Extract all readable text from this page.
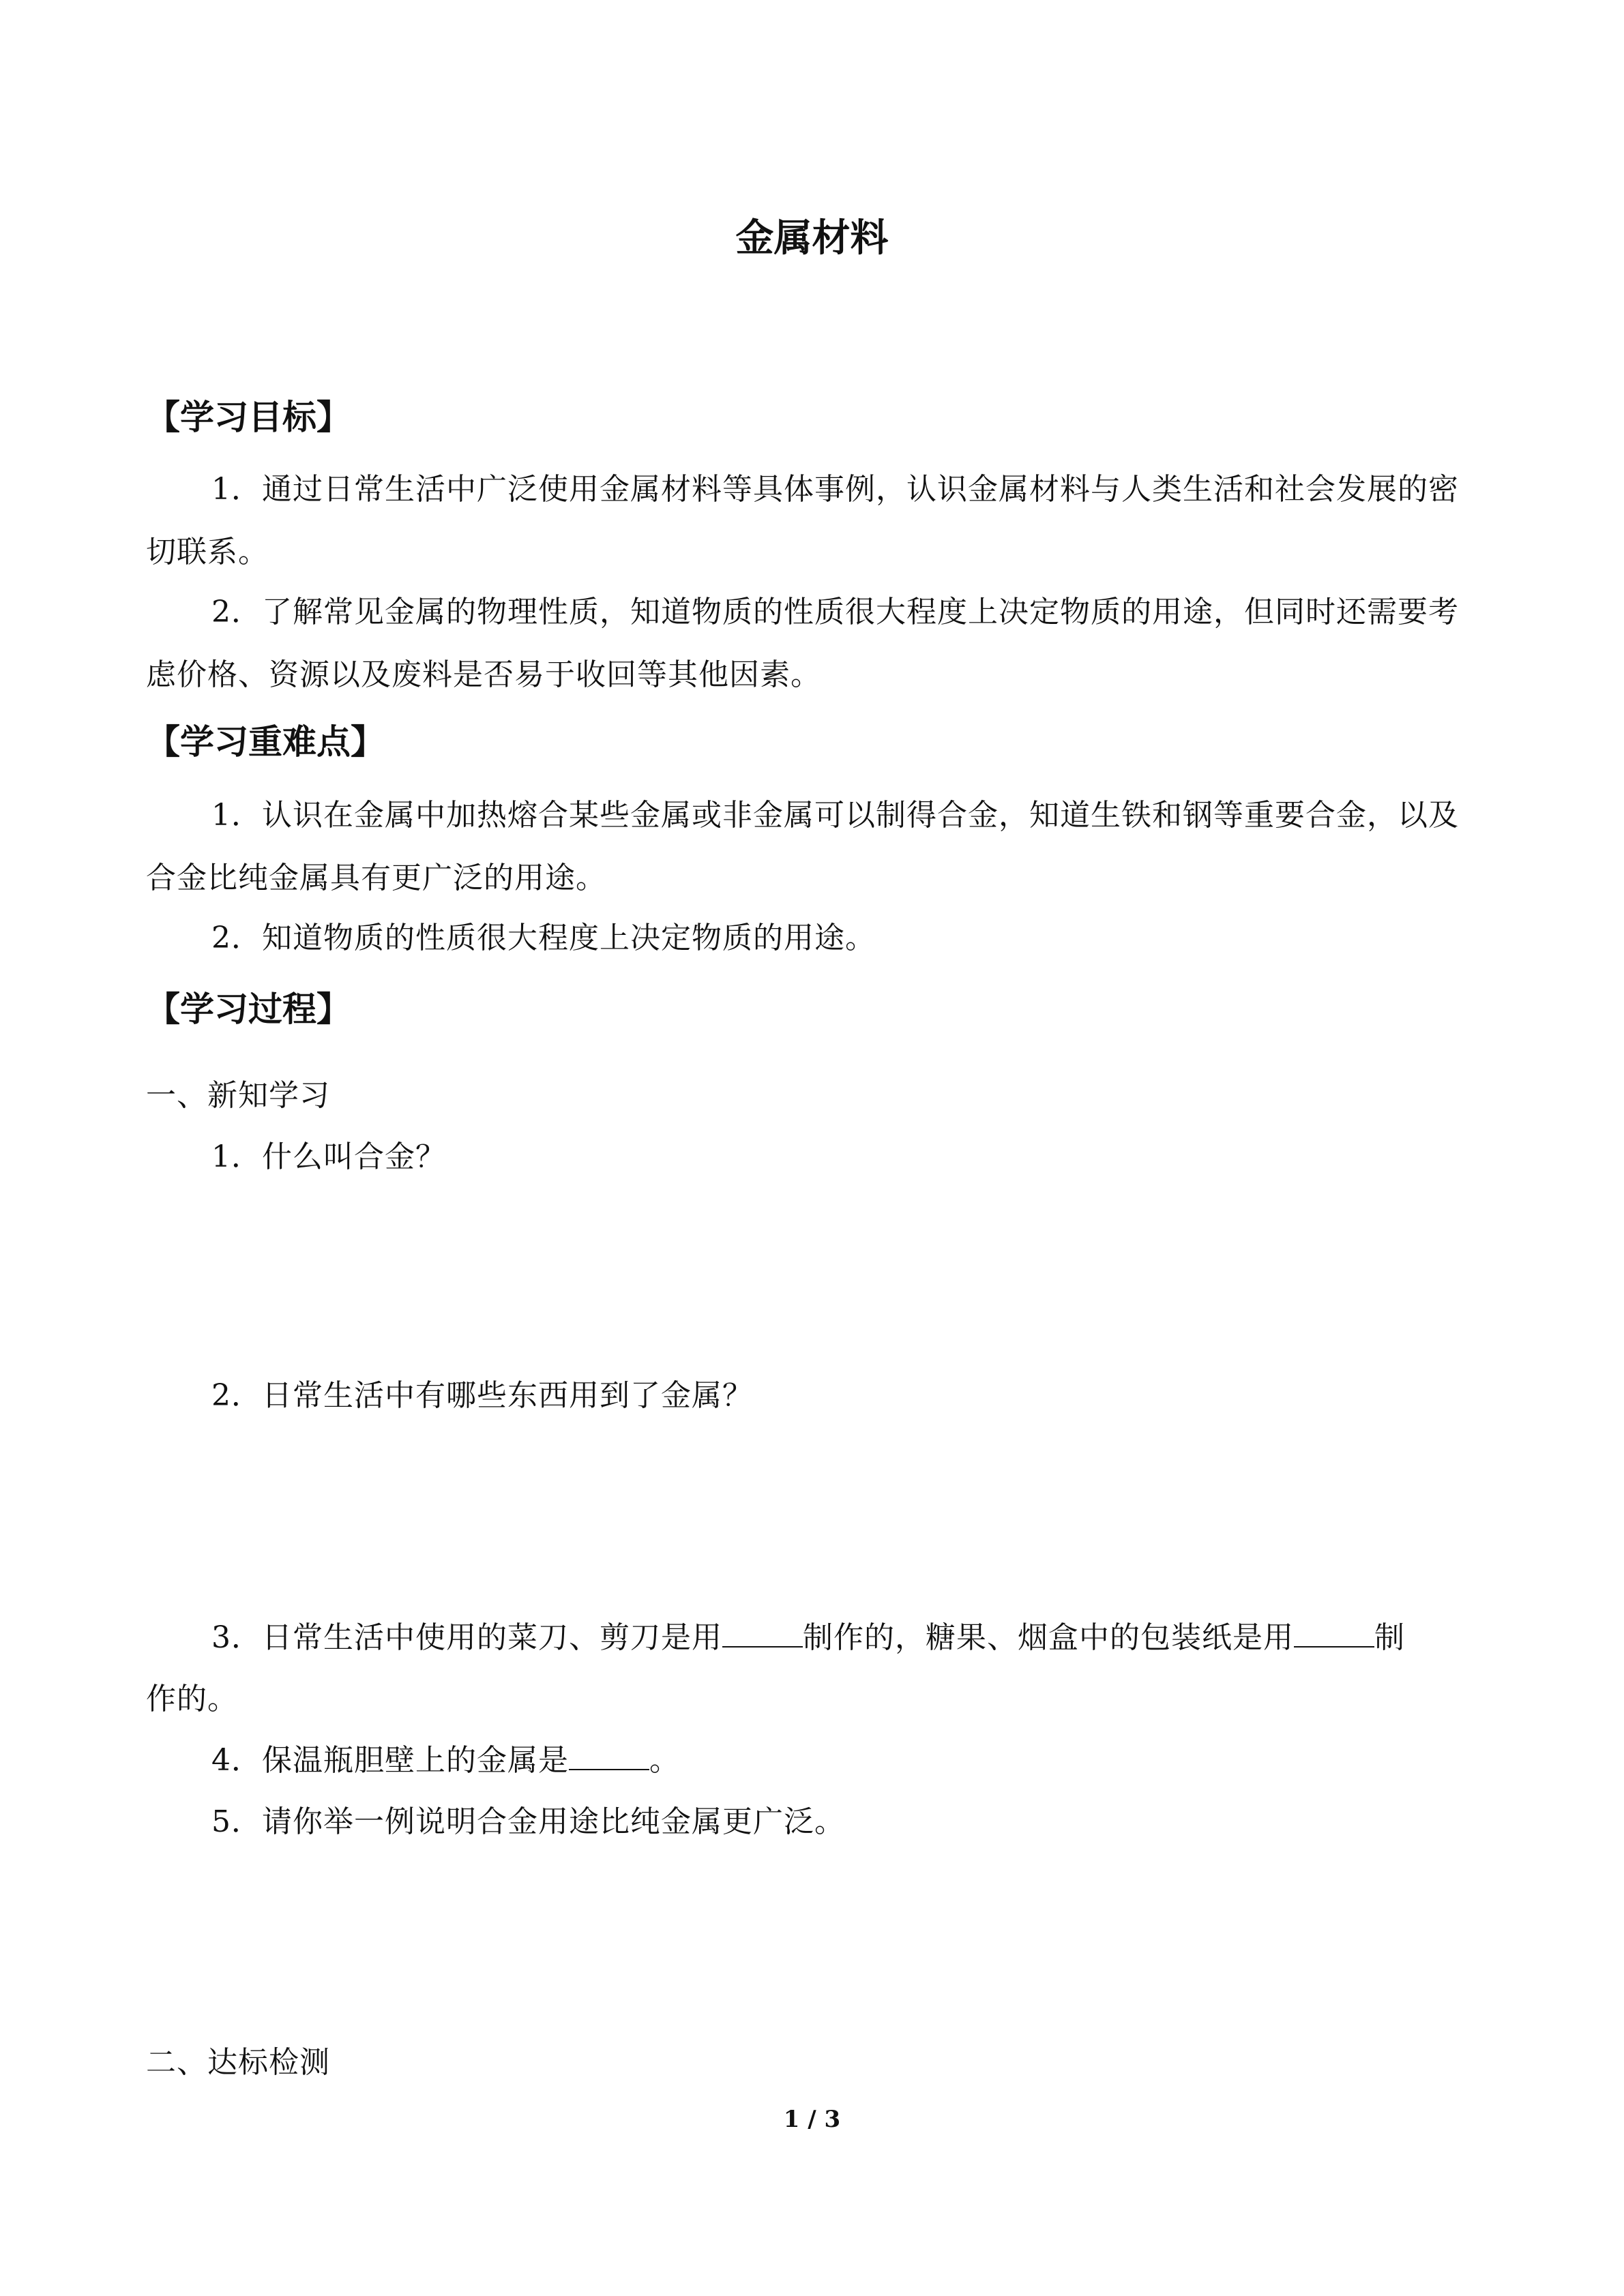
金属材料
【学习目标】

1．通过日常生活中广泛使用金属材料等具体事例，认识金属材料与人类生活和社会发展的密切联系。

2．了解常见金属的物理性质，知道物质的性质很大程度上决定物质的用途，但同时还需要考虑价格、资源以及废料是否易于收回等其他因素。

【学习重难点】

1．认识在金属中加热熔合某些金属或非金属可以制得合金，知道生铁和钢等重要合金，以及合金比纯金属具有更广泛的用途。

2．知道物质的性质很大程度上决定物质的用途。

【学习过程】
一、新知学习
1．什么叫合金？
2．日常生活中有哪些东西用到了金属？
3．日常生活中使用的菜刀、剪刀是用	制作的，糖果、烟盒中的包装纸是用	制
作的。
4．保温瓶胆壁上的金属是	。
5．请你举一例说明合金用途比纯金属更广泛。
二、达标检测
1 / 3
